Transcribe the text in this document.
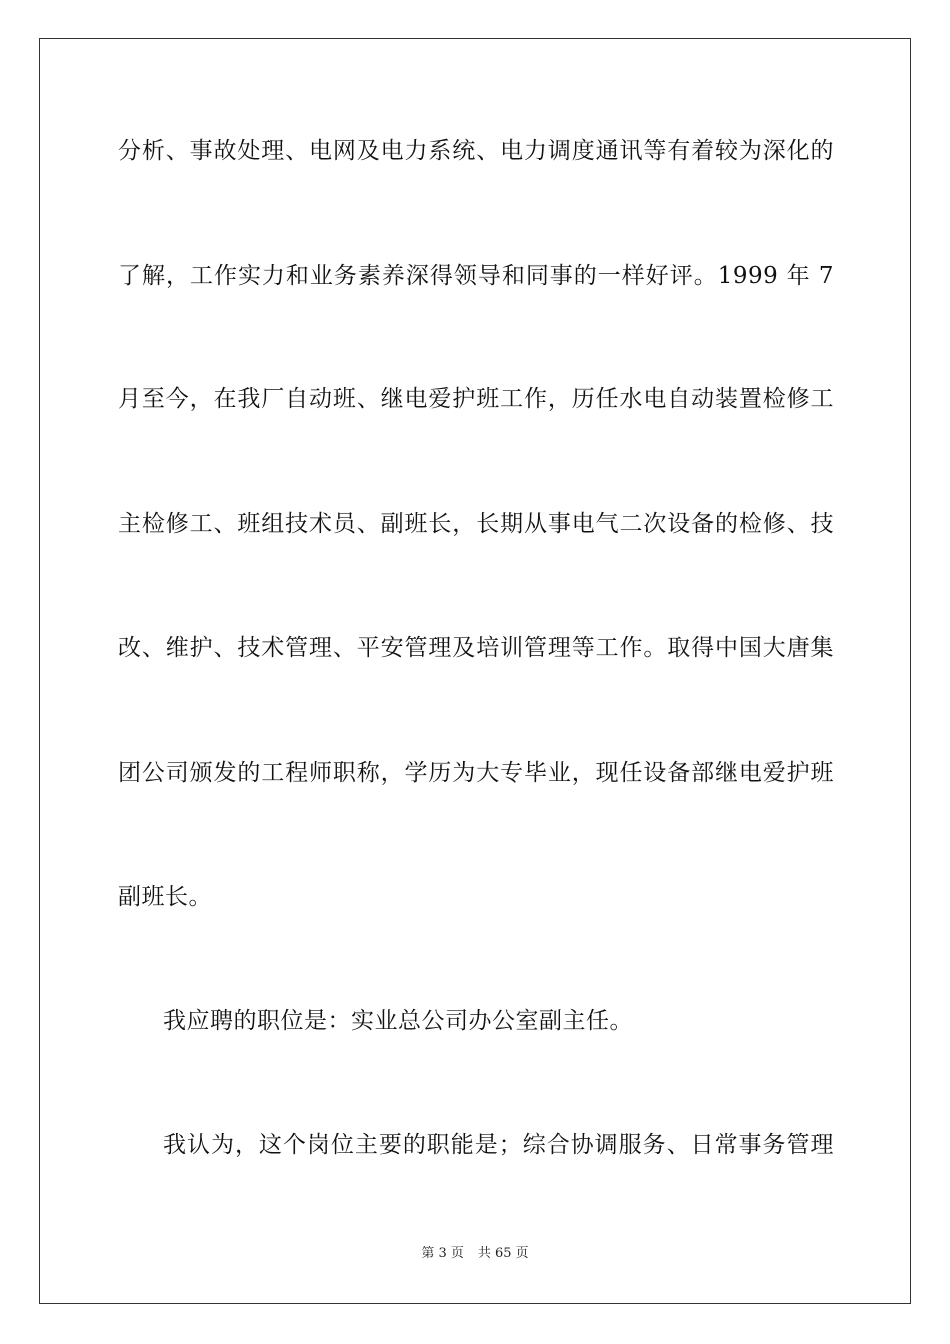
分析、事故处理、电网及电力系统、电力调度通讯等有着较为深化的
了解，工作实力和业务素养深得领导和同事的一样好评。1999 年 7
月至今，在我厂自动班、继电爱护班工作，历任水电自动装置检修工
主检修工、班组技术员、副班长，长期从事电气二次设备的检修、技
改、维护、技术管理、平安管理及培训管理等工作。取得中国大唐集
团公司颁发的工程师职称，学历为大专毕业，现任设备部继电爱护班
副班长。
我应聘的职位是：实业总公司办公室副主任。
我认为，这个岗位主要的职能是；综合协调服务、日常事务管理
第 3 页 共 65 页
